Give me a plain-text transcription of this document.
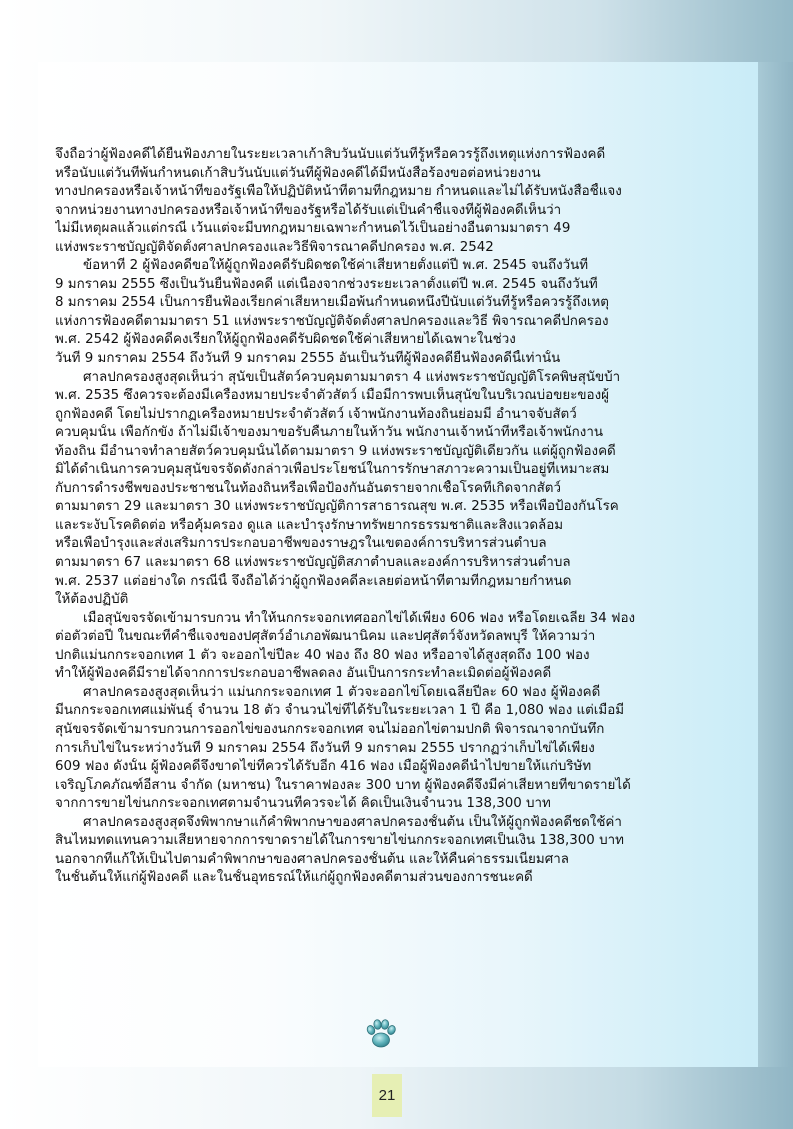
จึงถือว่าผู้ฟ้องคดีได้ยื่นฟ้องภายในระยะเวลาเก้าสิบวันนับแต่วันที่รู้หรือควรรู้ถึงเหตุแห่งการฟ้องคดี
หรือนับแต่วันที่พ้นกำหนดเก้าสิบวันนับแต่วันที่ผู้ฟ้องคดีได้มีหนังสือร้องขอต่อหน่วยงาน
ทางปกครองหรือเจ้าหน้าที่ของรัฐเพื่อให้ปฏิบัติหน้าที่ตามที่กฎหมาย กำหนดและไม่ได้รับหนังสือชี้แจง
จากหน่วยงานทางปกครองหรือเจ้าหน้าที่ของรัฐหรือได้รับแต่เป็นคำชี้แจงที่ผู้ฟ้องคดีเห็นว่า
ไม่มีเหตุผลแล้วแต่กรณี เว้นแต่จะมีบทกฎหมายเฉพาะกำหนดไว้เป็นอย่างอื่นตามมาตรา 49
แห่งพระราชบัญญัติจัดตั้งศาลปกครองและวิธีพิจารณาคดีปกครอง พ.ศ. 2542
ข้อหาที่ 2 ผู้ฟ้องคดีขอให้ผู้ถูกฟ้องคดีรับผิดชดใช้ค่าเสียหายตั้งแต่ปี พ.ศ. 2545 จนถึงวันที่
9 มกราคม 2555 ซึ่งเป็นวันยื่นฟ้องคดี แต่เนื่องจากช่วงระยะเวลาตั้งแต่ปี พ.ศ. 2545 จนถึงวันที่
8 มกราคม 2554 เป็นการยื่นฟ้องเรียกค่าเสียหายเมื่อพ้นกำหนดหนึ่งปีนับแต่วันที่รู้หรือควรรู้ถึงเหตุ
แห่งการฟ้องคดีตามมาตรา 51 แห่งพระราชบัญญัติจัดตั้งศาลปกครองและวิธี พิจารณาคดีปกครอง
พ.ศ. 2542 ผู้ฟ้องคดีคงเรียกให้ผู้ถูกฟ้องคดีรับผิดชดใช้ค่าเสียหายได้เฉพาะในช่วง
วันที่ 9 มกราคม 2554 ถึงวันที่ 9 มกราคม 2555 อันเป็นวันที่ผู้ฟ้องคดียื่นฟ้องคดีนี้เท่านั้น
ศาลปกครองสูงสุดเห็นว่า สุนัขเป็นสัตว์ควบคุมตามมาตรา 4 แห่งพระราชบัญญัติโรคพิษสุนัขบ้า
พ.ศ. 2535 ซึ่งควรจะต้องมีเครื่องหมายประจำตัวสัตว์ เมื่อมีการพบเห็นสุนัขในบริเวณบ่อขยะของผู้
ถูกฟ้องคดี โดยไม่ปรากฏเครื่องหมายประจำตัวสัตว์ เจ้าพนักงานท้องถิ่นย่อมมี อำนาจจับสัตว์
ควบคุมนั้น เพื่อกักขัง ถ้าไม่มีเจ้าของมาขอรับคืนภายในห้าวัน พนักงานเจ้าหน้าที่หรือเจ้าพนักงาน
ท้องถิ่น มีอำนาจทำลายสัตว์ควบคุมนั้นได้ตามมาตรา 9 แห่งพระราชบัญญัติเดียวกัน แต่ผู้ถูกฟ้องคดี
มิได้ดำเนินการควบคุมสุนัขจรจัดดังกล่าวเพื่อประโยชน์ในการรักษาสภาวะความเป็นอยู่ที่เหมาะสม
กับการดำรงชีพของประชาชนในท้องถิ่นหรือเพื่อป้องกันอันตรายจากเชื้อโรคที่เกิดจากสัตว์
ตามมาตรา 29 และมาตรา 30 แห่งพระราชบัญญัติการสาธารณสุข พ.ศ. 2535 หรือเพื่อป้องกันโรค
และระงับโรคติดต่อ หรือคุ้มครอง ดูแล และบำรุงรักษาทรัพยากรธรรมชาติและสิ่งแวดล้อม
หรือเพื่อบำรุงและส่งเสริมการประกอบอาชีพของราษฎรในเขตองค์การบริหารส่วนตำบล
ตามมาตรา 67 และมาตรา 68 แห่งพระราชบัญญัติสภาตำบลและองค์การบริหารส่วนตำบล
พ.ศ. 2537 แต่อย่างใด กรณีนี้ จึงถือได้ว่าผู้ถูกฟ้องคดีละเลยต่อหน้าที่ตามที่กฎหมายกำหนด
ให้ต้องปฏิบัติ
เมื่อสุนัขจรจัดเข้ามารบกวน ทำให้นกกระจอกเทศออกไข่ได้เพียง 606 ฟอง หรือโดยเฉลี่ย 34 ฟอง
ต่อตัวต่อปี ในขณะที่คำชี้แจงของปศุสัตว์อำเภอพัฒนานิคม และปศุสัตว์จังหวัดลพบุรี ให้ความว่า
ปกติแม่นกกระจอกเทศ 1 ตัว จะออกไข่ปีละ 40 ฟอง ถึง 80 ฟอง หรืออาจได้สูงสุดถึง 100 ฟอง
ทำให้ผู้ฟ้องคดีมีรายได้จากการประกอบอาชีพลดลง อันเป็นการกระทำละเมิดต่อผู้ฟ้องคดี
ศาลปกครองสูงสุดเห็นว่า แม่นกกระจอกเทศ 1 ตัวจะออกไข่โดยเฉลี่ยปีละ 60 ฟอง ผู้ฟ้องคดี
มีนกกระจอกเทศแม่พันธุ์ จำนวน 18 ตัว จำนวนไข่ที่ได้รับในระยะเวลา 1 ปี คือ 1,080 ฟอง แต่เมื่อมี
สุนัขจรจัดเข้ามารบกวนการออกไข่ของนกกระจอกเทศ จนไม่ออกไข่ตามปกติ พิจารณาจากบันทึก
การเก็บไข่ในระหว่างวันที่ 9 มกราคม 2554 ถึงวันที่ 9 มกราคม 2555 ปรากฏว่าเก็บไข่ได้เพียง
609 ฟอง ดังนั้น ผู้ฟ้องคดีจึงขาดไข่ที่ควรได้รับอีก 416 ฟอง เมื่อผู้ฟ้องคดีนำไปขายให้แก่บริษัท
เจริญโภคภัณฑ์อีสาน จำกัด (มหาชน) ในราคาฟองละ 300 บาท ผู้ฟ้องคดีจึงมีค่าเสียหายที่ขาดรายได้
จากการขายไข่นกกระจอกเทศตามจำนวนที่ควรจะได้ คิดเป็นเงินจำนวน 138,300 บาท
ศาลปกครองสูงสุดจึงพิพากษาแก้คำพิพากษาของศาลปกครองชั้นต้น เป็นให้ผู้ถูกฟ้องคดีชดใช้ค่า
สินไหมทดแทนความเสียหายจากการขาดรายได้ในการขายไข่นกกระจอกเทศเป็นเงิน 138,300 บาท
นอกจากที่แก้ให้เป็นไปตามคำพิพากษาของศาลปกครองชั้นต้น และให้คืนค่าธรรมเนียมศาล
ในชั้นต้นให้แก่ผู้ฟ้องคดี และในชั้นอุทธรณ์ให้แก่ผู้ถูกฟ้องคดีตามส่วนของการชนะคดี
21
